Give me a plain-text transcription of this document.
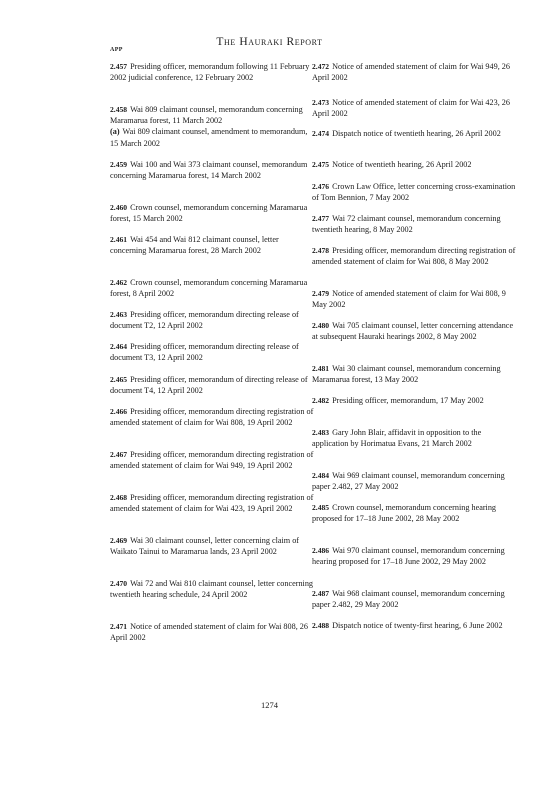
The Hauraki Report
APP
2.457 Presiding officer, memorandum following 11 February 2002 judicial conference, 12 February 2002
2.458 Wai 809 claimant counsel, memorandum concerning Maramarua forest, 11 March 2002
(a) Wai 809 claimant counsel, amendment to memorandum, 15 March 2002
2.459 Wai 100 and Wai 373 claimant counsel, memorandum concerning Maramarua forest, 14 March 2002
2.460 Crown counsel, memorandum concerning Maramarua forest, 15 March 2002
2.461 Wai 454 and Wai 812 claimant counsel, letter concerning Maramarua forest, 28 March 2002
2.462 Crown counsel, memorandum concerning Maramarua forest, 8 April 2002
2.463 Presiding officer, memorandum directing release of document T2, 12 April 2002
2.464 Presiding officer, memorandum directing release of document T3, 12 April 2002
2.465 Presiding officer, memorandum of directing release of document T4, 12 April 2002
2.466 Presiding officer, memorandum directing registration of amended statement of claim for Wai 808, 19 April 2002
2.467 Presiding officer, memorandum directing registration of amended statement of claim for Wai 949, 19 April 2002
2.468 Presiding officer, memorandum directing registration of amended statement of claim for Wai 423, 19 April 2002
2.469 Wai 30 claimant counsel, letter concerning claim of Waikato Tainui to Maramarua lands, 23 April 2002
2.470 Wai 72 and Wai 810 claimant counsel, letter concerning twentieth hearing schedule, 24 April 2002
2.471 Notice of amended statement of claim for Wai 808, 26 April 2002
2.472 Notice of amended statement of claim for Wai 949, 26 April 2002
2.473 Notice of amended statement of claim for Wai 423, 26 April 2002
2.474 Dispatch notice of twentieth hearing, 26 April 2002
2.475 Notice of twentieth hearing, 26 April 2002
2.476 Crown Law Office, letter concerning cross-examination of Tom Bennion, 7 May 2002
2.477 Wai 72 claimant counsel, memorandum concerning twentieth hearing, 8 May 2002
2.478 Presiding officer, memorandum directing registration of amended statement of claim for Wai 808, 8 May 2002
2.479 Notice of amended statement of claim for Wai 808, 9 May 2002
2.480 Wai 705 claimant counsel, letter concerning attendance at subsequent Hauraki hearings 2002, 8 May 2002
2.481 Wai 30 claimant counsel, memorandum concerning Maramarua forest, 13 May 2002
2.482 Presiding officer, memorandum, 17 May 2002
2.483 Gary John Blair, affidavit in opposition to the application by Horimatua Evans, 21 March 2002
2.484 Wai 969 claimant counsel, memorandum concerning paper 2.482, 27 May 2002
2.485 Crown counsel, memorandum concerning hearing proposed for 17–18 June 2002, 28 May 2002
2.486 Wai 970 claimant counsel, memorandum concerning hearing proposed for 17–18 June 2002, 29 May 2002
2.487 Wai 968 claimant counsel, memorandum concerning paper 2.482, 29 May 2002
2.488 Dispatch notice of twenty-first hearing, 6 June 2002
1274
